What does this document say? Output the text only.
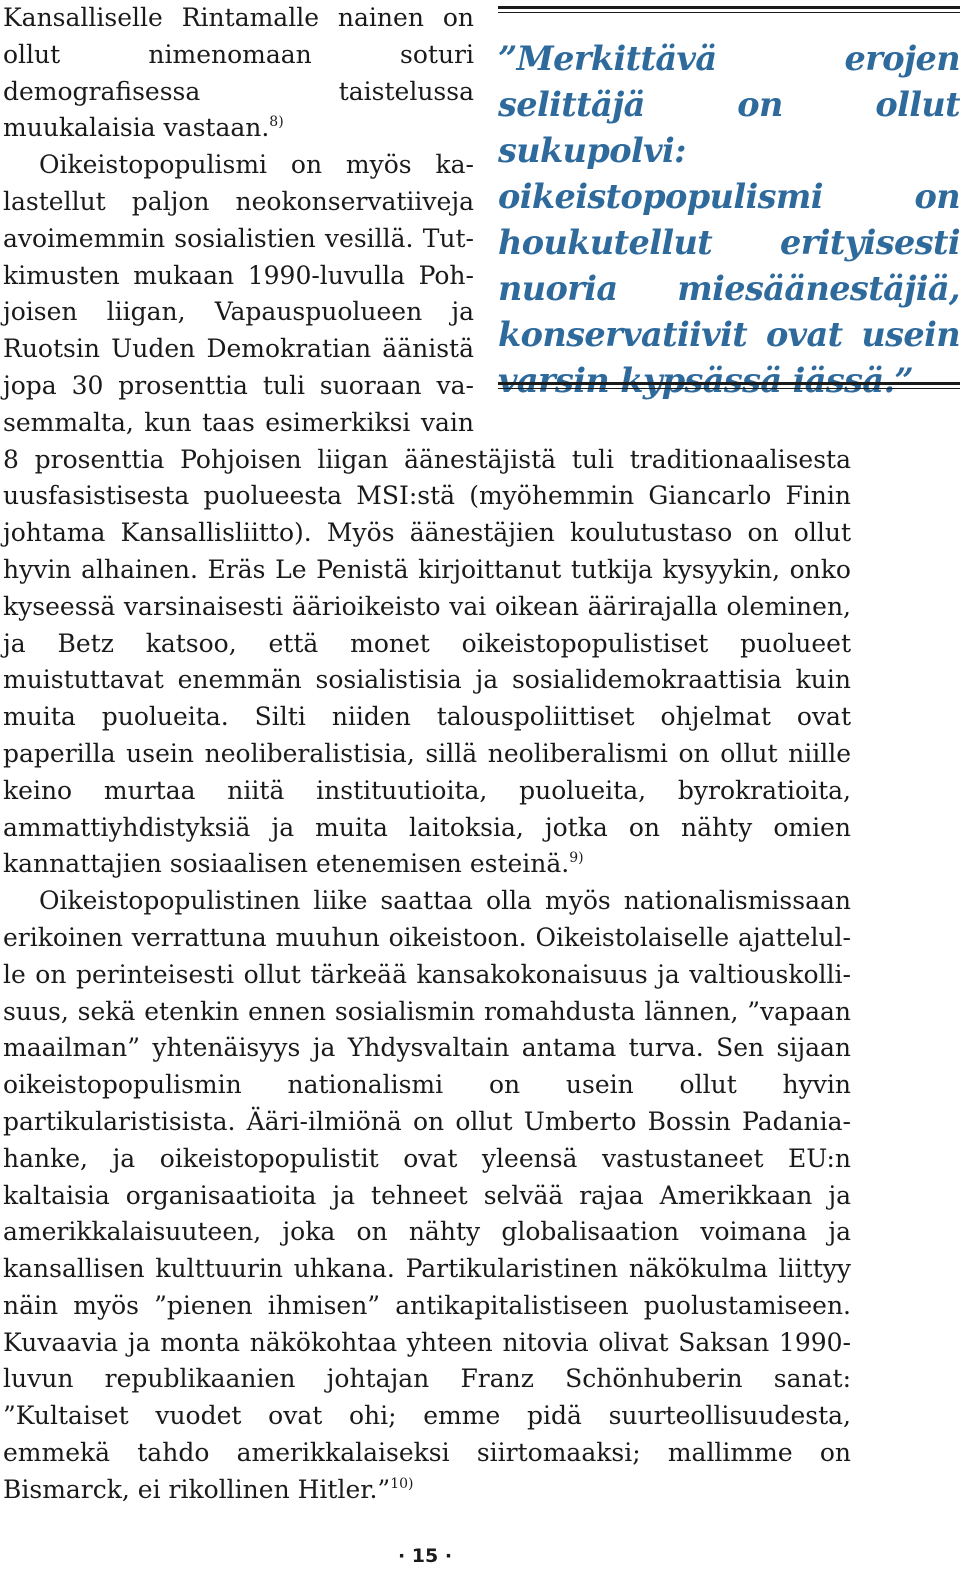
”Merkittävä erojen selittäjä on ollut sukupolvi: oikeistopopulismi on houkutellut erityisesti nuoria miesäänestäjiä, konservatiivit ovat usein varsin kypsässä iässä.”

Kansalliselle Rintamalle nainen on ollut nimenomaan soturi demografisessa taistelussa muukalaisia vastaan.$^{8)}$

Oikeistopopulismi on myös kalastellut paljon neokonservatiiveja avoimemmin sosialistien vesillä. Tutkimusten mukaan 1990-luvulla Pohjoisen liigan, Vapauspuolueen ja Ruotsin Uuden Demokratian äänistä jopa 30 prosenttia tuli suoraan vasemmalta, kun taas esimerkiksi vain 8 prosenttia Pohjoisen liigan äänestäjistä tuli traditionaalisesta uusfasistisesta puolueesta MSI:stä (myöhemmin Giancarlo Finin johtama Kansallisliitto). Myös äänestäjien koulutustaso on ollut hyvin alhainen. Eräs Le Penistä kirjoittanut tutkija kysyykin, onko kyseessä varsinaisesti äärioikeisto vai oikean äärirajalla oleminen, ja Betz katsoo, että monet oikeistopopulistiset puolueet muistuttavat enemmän sosialistisia ja sosialidemokraattisia kuin muita puolueita. Silti niiden talouspoliittiset ohjelmat ovat paperilla usein neoliberalistisia, sillä neoliberalismi on ollut niille keino murtaa niitä instituutioita, puolueita, byrokratioita, ammattiyhdistyksiä ja muita laitoksia, jotka on nähty omien kannattajien sosiaalisen etenemisen esteinä.$^{9)}$

Oikeistopopulistinen liike saattaa olla myös nationalismissaan erikoinen verrattuna muuhun oikeistoon. Oikeistolaiselle ajattelulle on perinteisesti ollut tärkeää kansakokonaisuus ja valtiouskollisuus, sekä etenkin ennen sosialismin romahdusta lännen, ”vapaan maailman” yhtenäisyys ja Yhdysvaltain antama turva. Sen sijaan oikeistopopulismin nationalismi on usein ollut hyvin partikularistisista. Ääri-ilmiönä on ollut Umberto Bossin Padania-hanke, ja oikeistopopulistit ovat yleensä vastustaneet EU:n kaltaisia organisaatioita ja tehneet selvää rajaa Amerikkaan ja amerikkalaisuuteen, joka on nähty globalisaation voimana ja kansallisen kulttuurin uhkana. Partikularistinen näkökulma liittyy näin myös ”pienen ihmisen” antikapitalistiseen puolustamiseen. Kuvaavia ja monta näkökohtaa yhteen nitovia olivat Saksan 1990-luvun republikaanien johtajan Franz Schönhuberin sanat: ”Kultaiset vuodet ovat ohi; emme pidä suurteollisuudesta, emmekä tahdo amerikkalaiseksi siirtomaaksi; mallimme on Bismarck, ei rikollinen Hitler.”$^{10)}$

· 15 ·
